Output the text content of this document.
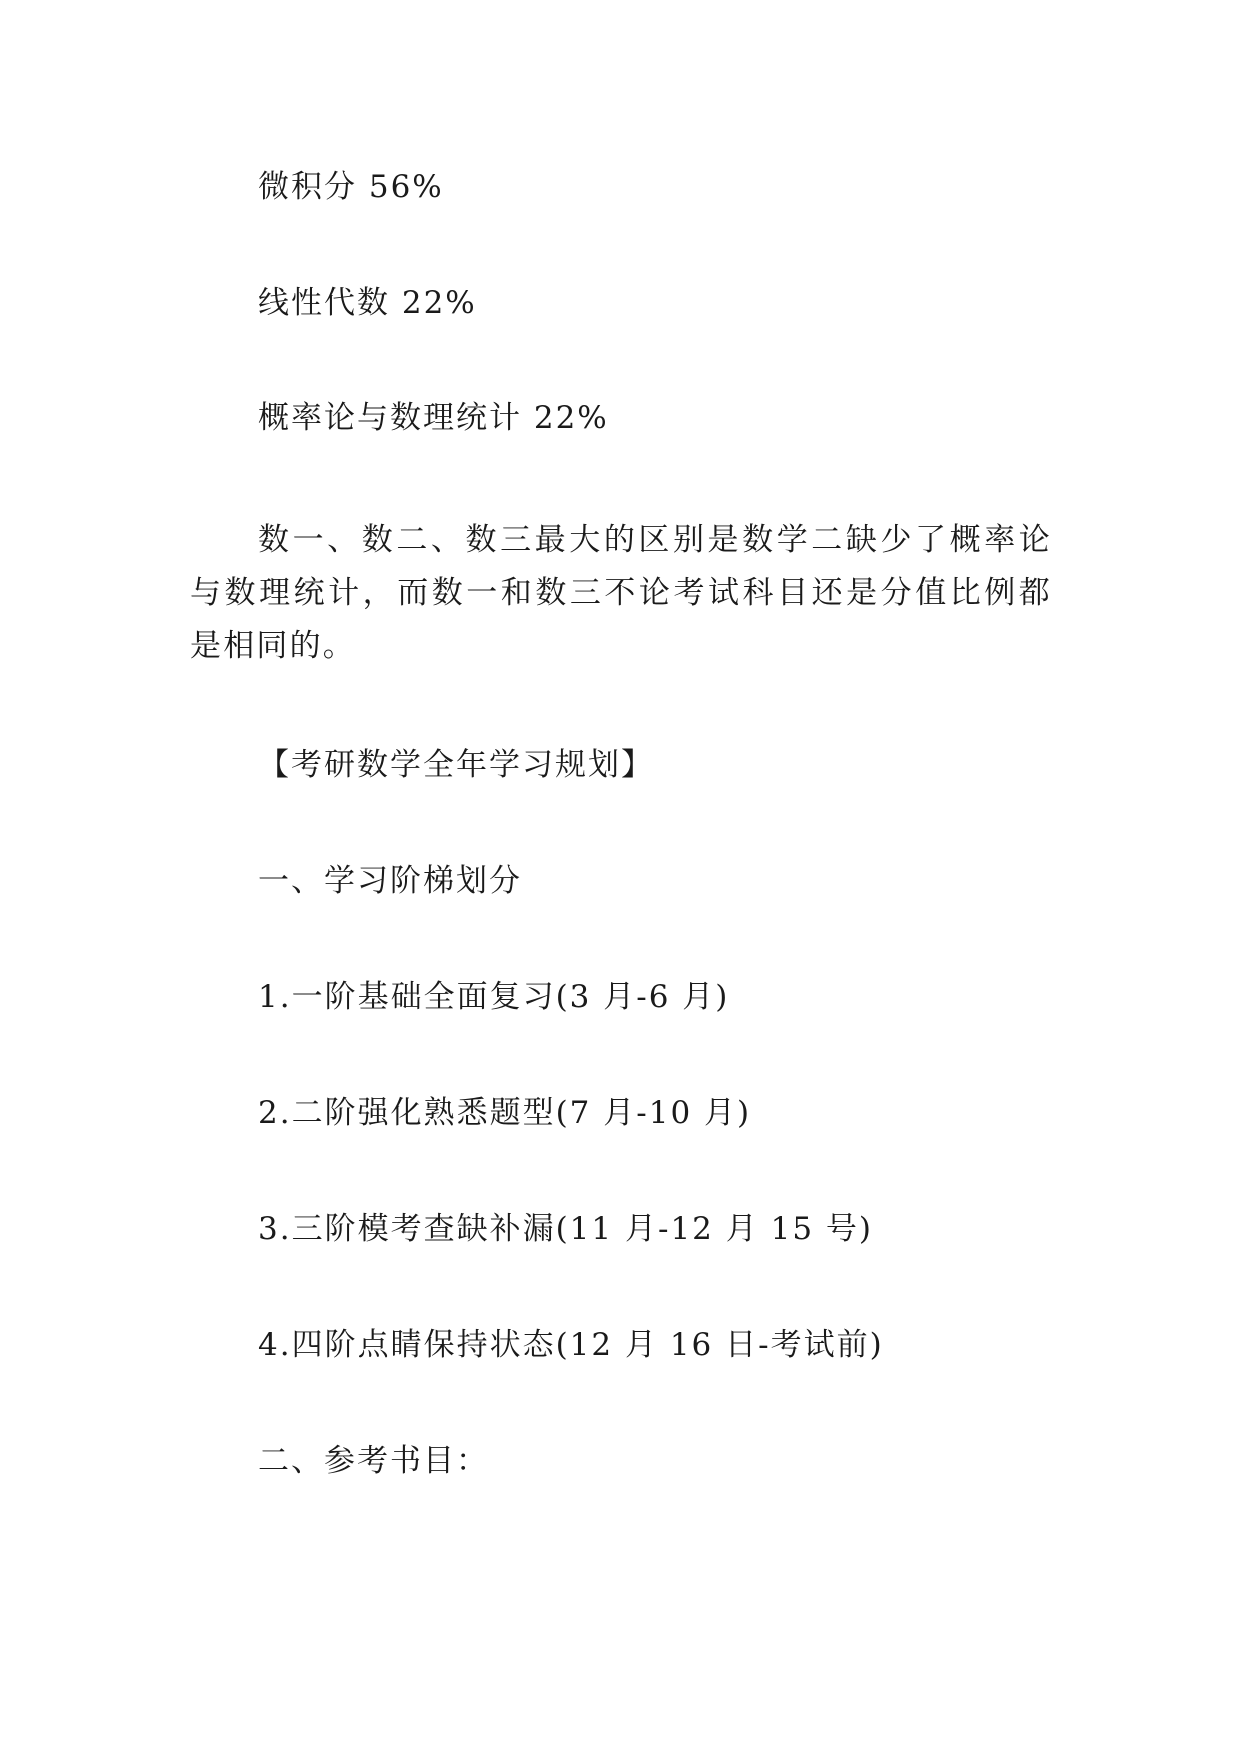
微积分 56%
线性代数 22%
概率论与数理统计 22%
数一、数二、数三最大的区别是数学二缺少了概率论与数理统计，而数一和数三不论考试科目还是分值比例都是相同的。
【考研数学全年学习规划】
一、学习阶梯划分
1.一阶基础全面复习(3 月-6 月)
2.二阶强化熟悉题型(7 月-10 月)
3.三阶模考查缺补漏(11 月-12 月 15 号)
4.四阶点睛保持状态(12 月 16 日-考试前)
二、参考书目：
